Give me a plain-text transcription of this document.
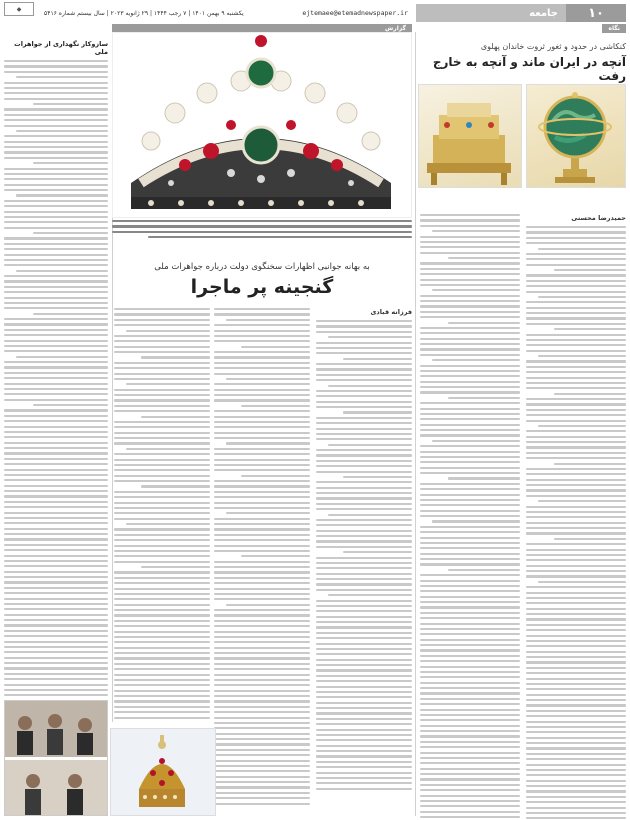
۱۰
جامعه
ejtemaee@etemadnewspaper.ir
یکشنبه ۹ بهمن ۱۴۰۱ | ۷ رجب ۱۴۴۴ | ۲۹ ژانویه ۲۰۲۳ | سال بیستم شماره ۵۴۱۶
◆
نگاه
گزارش
کنکاشی در حدود و ثغور ثروت خاندان پهلوی
آنچه در ایران ماند و آنچه به خارج رفت
حمیدرضا محسنی
به بهانه جوانبی اظهارات سخنگوی دولت درباره جواهرات ملی
گنجینه پر ماجرا
فرزانه قبادی
سازوکار نگهداری از جواهرات ملی
